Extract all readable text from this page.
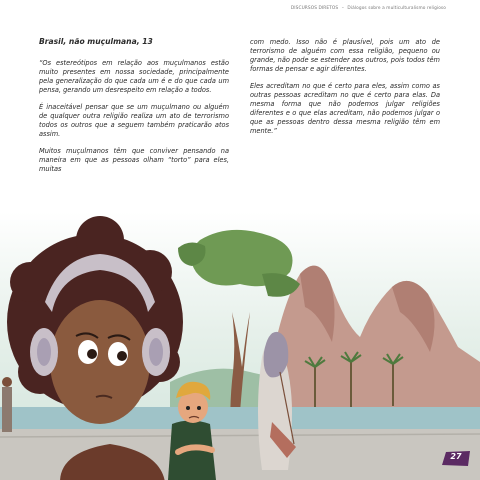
DISCURSOS DIRETOS – Diálogos sobre a multiculturalismo religioso

Brasil, não muçulmana, 13

“Os estereótipos em relação aos muçulmanos estão muito presentes em nossa sociedade, principalmente pela generalização do que cada um é e do que cada um pensa, gerando um desrespeito em relação a todos.

É inaceitável pensar que se um muçulmano ou alguém de qualquer outra religião realiza um ato de terrorismo todos os outros que a seguem também praticarão atos assim.

Muitos muçulmanos têm que conviver pensando na maneira em que as pessoas olham “torto” para eles, muitas

com medo. Isso não é plausível, pois um ato de terrorismo de alguém com essa religião, pequeno ou grande, não pode se estender aos outros, pois todos têm formas de pensar e agir diferentes.

Eles acreditam no que é certo para eles, assim como as outras pessoas acreditam no que é certo para elas. Da mesma forma que não podemos julgar religiões diferentes e o que elas acreditam, não podemos julgar o que as pessoas dentro dessa mesma religião têm em mente.”

27
